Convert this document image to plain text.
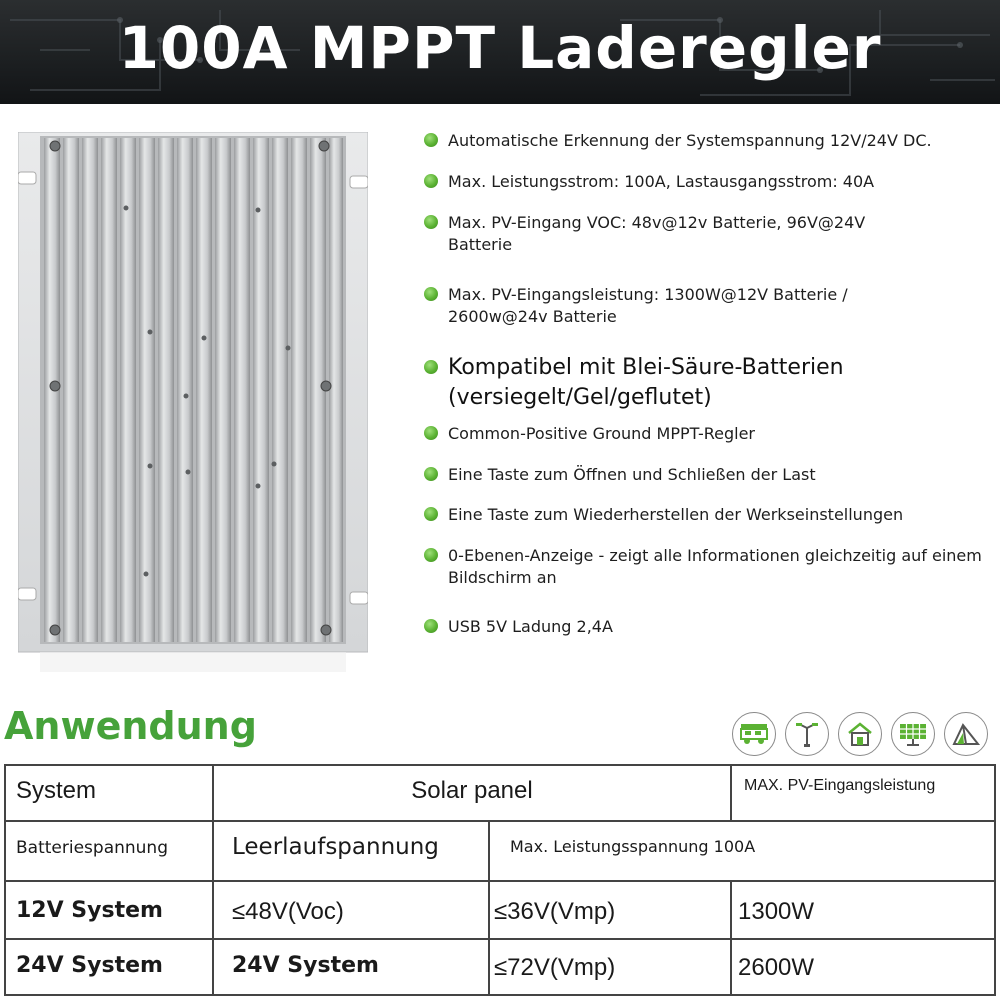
100A MPPT Laderegler
Automatische Erkennung der Systemspannung 12V/24V DC.
Max. Leistungsstrom: 100A, Lastausgangsstrom: 40A
Max. PV-Eingang VOC: 48v@12v Batterie, 96V@24V Batterie
Max. PV-Eingangsleistung: 1300W@12V Batterie / 2600w@24v Batterie
Kompatibel mit Blei-Säure-Batterien (versiegelt/Gel/geflutet)
Common-Positive Ground MPPT-Regler
Eine Taste zum Öffnen und Schließen der Last
Eine Taste zum Wiederherstellen der Werkseinstellungen
0-Ebenen-Anzeige - zeigt alle Informationen gleichzeitig auf einem Bildschirm an
USB 5V Ladung 2,4A
Anwendung
System	Solar panel	MAX. PV-Eingangsleistung
Batteriespannung	Leerlaufspannung	Max. Leistungsspannung 100A
12V System	≤48V(Voc)	≤36V(Vmp)	1300W
24V System	24V System	≤72V(Vmp)	2600W
